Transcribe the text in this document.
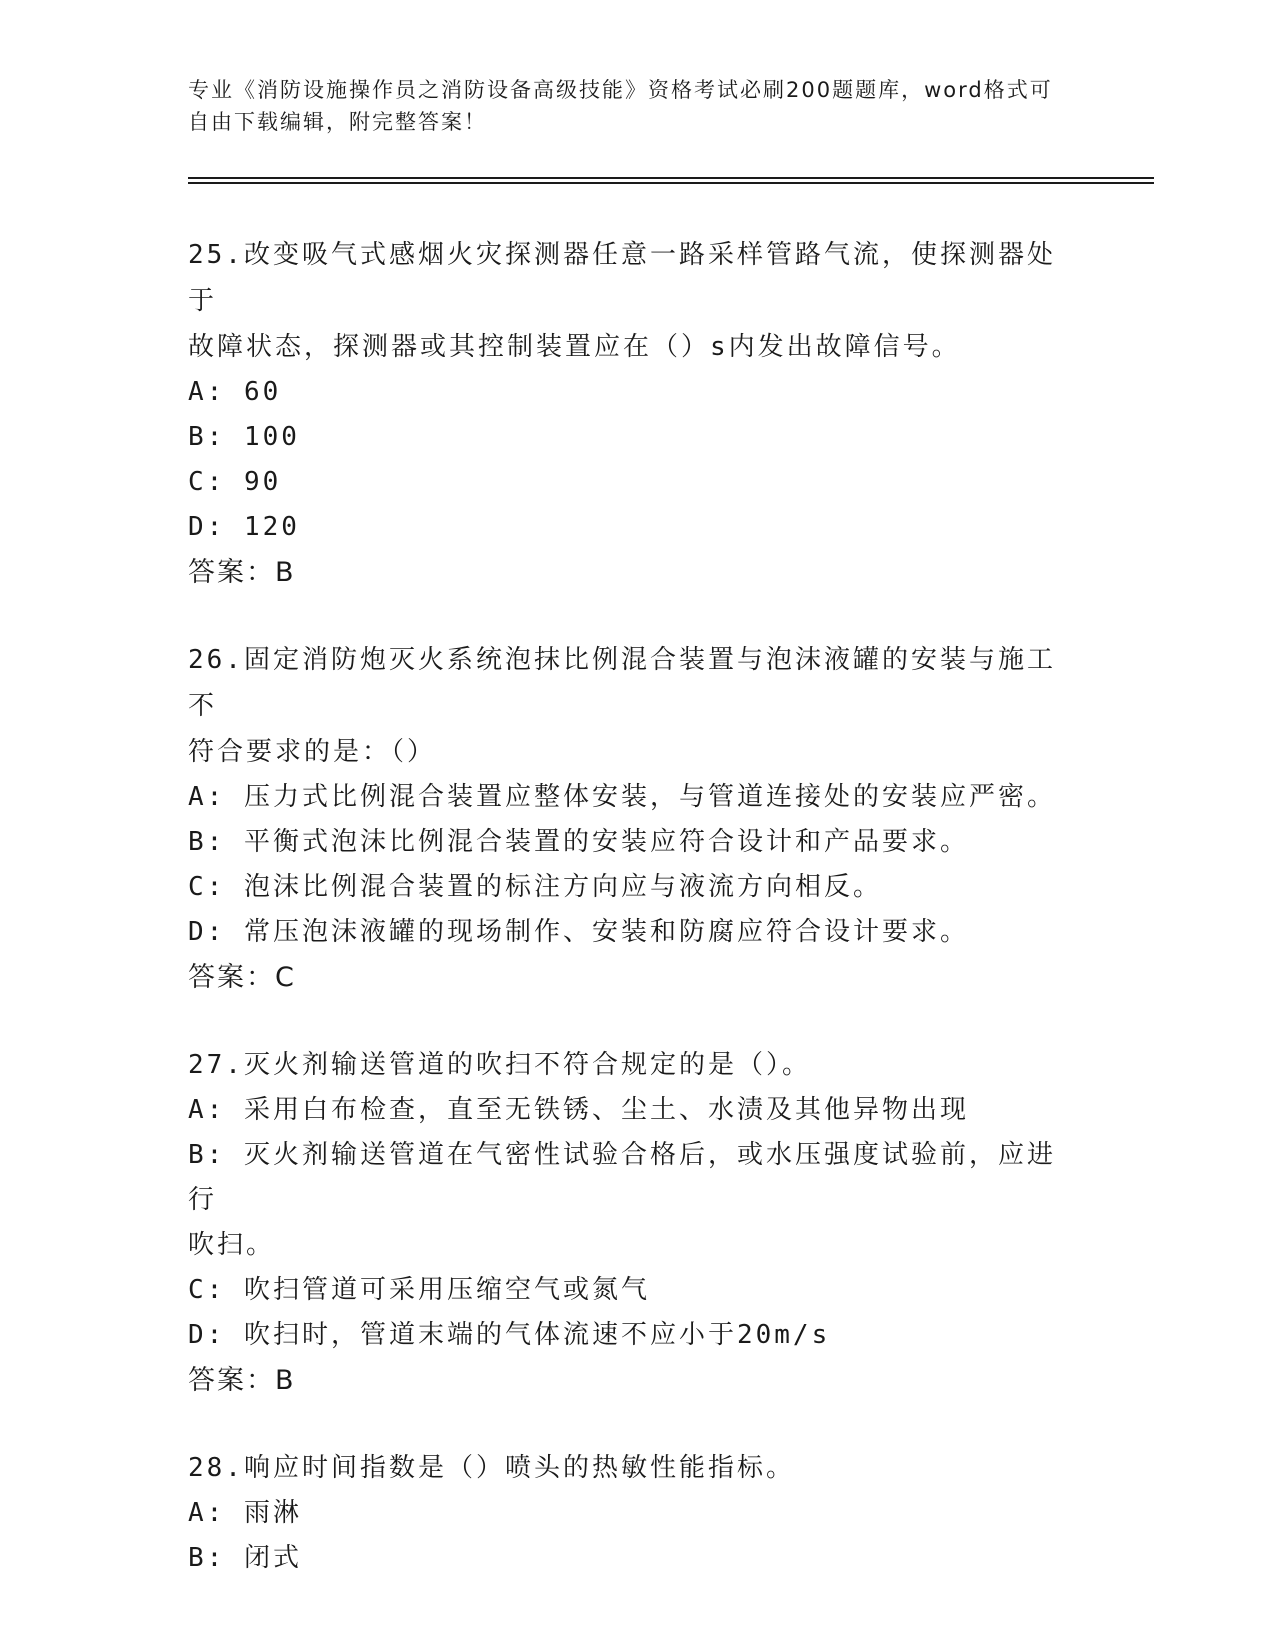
专业《消防设施操作员之消防设备高级技能》资格考试必刷200题题库，word格式可自由下载编辑，附完整答案！

25.改变吸气式感烟火灾探测器任意一路采样管路气流，使探测器处于

故障状态，探测器或其控制装置应在（）s内发出故障信号。

A: 60

B: 100

C: 90

D: 120

答案：B

26.固定消防炮灭火系统泡抹比例混合装置与泡沫液罐的安装与施工不

符合要求的是：（）

A: 压力式比例混合装置应整体安装，与管道连接处的安装应严密。

B: 平衡式泡沫比例混合装置的安装应符合设计和产品要求。

C: 泡沫比例混合装置的标注方向应与液流方向相反。

D: 常压泡沫液罐的现场制作、安装和防腐应符合设计要求。

答案：C

27.灭火剂输送管道的吹扫不符合规定的是（）。

A: 采用白布检查，直至无铁锈、尘土、水渍及其他异物出现

B: 灭火剂输送管道在气密性试验合格后，或水压强度试验前，应进行

吹扫。

C: 吹扫管道可采用压缩空气或氮气

D: 吹扫时，管道末端的气体流速不应小于20m/s

答案：B

28.响应时间指数是（）喷头的热敏性能指标。

A: 雨淋

B: 闭式
